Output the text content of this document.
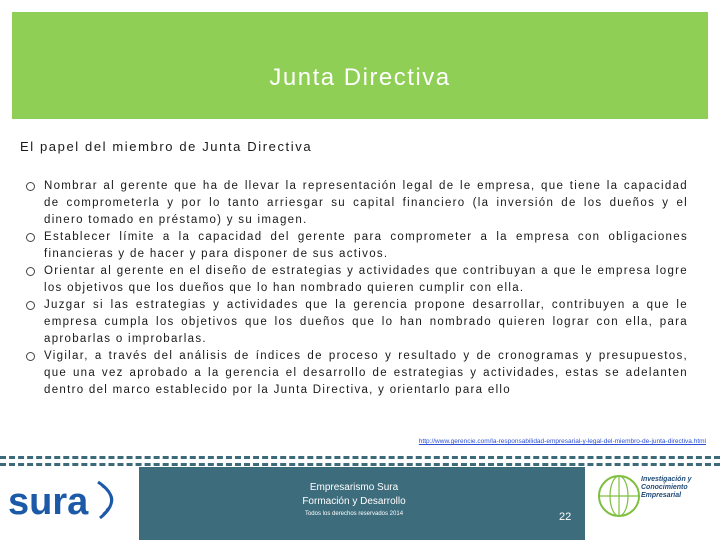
Junta Directiva
El papel del miembro de Junta Directiva
Nombrar al gerente que ha de llevar la representación legal de le empresa, que tiene la capacidad de comprometerla y por lo tanto arriesgar su capital financiero (la inversión de los dueños y el dinero tomado en préstamo) y su imagen.
Establecer límite a la capacidad del gerente para comprometer a la empresa con obligaciones financieras y de hacer y para disponer de sus activos.
Orientar al gerente en el diseño de estrategias y actividades que contribuyan a que le empresa logre los objetivos que los dueños que lo han nombrado quieren cumplir con ella.
Juzgar si las estrategias y actividades que la gerencia propone desarrollar, contribuyen a que le empresa cumpla los objetivos que los dueños que lo han nombrado quieren lograr con ella, para aprobarlas o improbarlas.
Vigilar, a través del análisis de índices de proceso y resultado y de cronogramas y presupuestos, que una vez aprobado a la gerencia el desarrollo de estrategias y actividades, estas se adelanten dentro del marco establecido por la Junta Directiva, y orientarlo para ello
http://www.gerencie.com/la-responsabilidad-empresarial-y-legal-del-miembro-de-junta-directiva.html
sura	Empresarismo Sura
Formación y Desarrollo
Todos los derechos reservados 2014	22
Investigación y
Conocimiento
Empresarial
